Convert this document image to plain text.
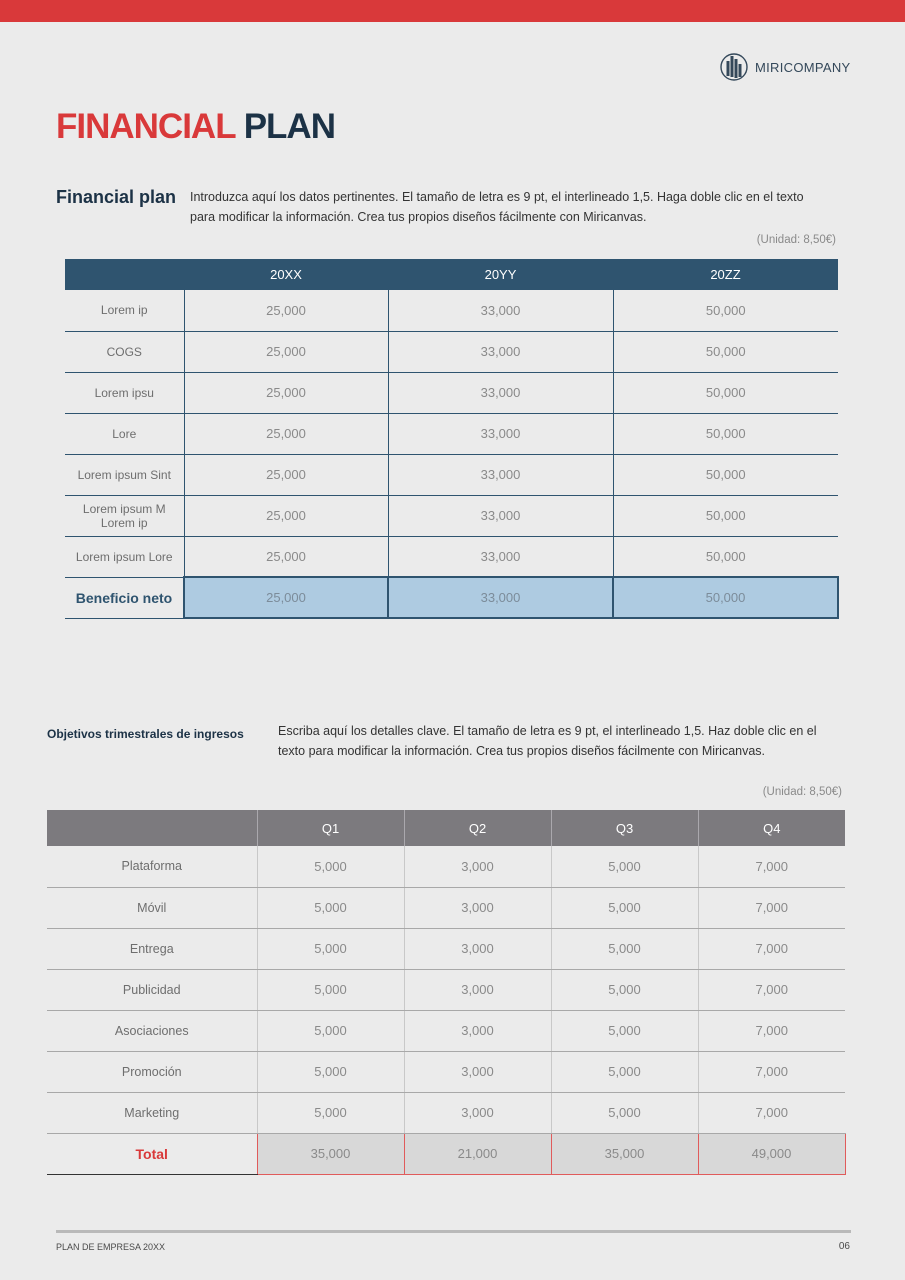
MIRICOMPANY
FINANCIAL PLAN
Financial plan Introduzca aquí los datos pertinentes. El tamaño de letra es 9 pt, el interlineado 1,5. Haga doble clic en el texto para modificar la información. Crea tus propios diseños fácilmente con Miricanvas.

(Unidad: 8,50€)
	20XX	20YY	20ZZ
Lorem ip	25,000	33,000	50,000
COGS	25,000	33,000	50,000
Lorem ipsu	25,000	33,000	50,000
Lore	25,000	33,000	50,000
Lorem ipsum Sint	25,000	33,000	50,000
Lorem ipsum M Lorem ip	25,000	33,000	50,000
Lorem ipsum Lore	25,000	33,000	50,000
Beneficio neto	25,000	33,000	50,000
Objetivos trimestrales de ingresos	Escriba aquí los detalles clave. El tamaño de letra es 9 pt, el interlineado 1,5. Haz doble clic en el texto para modificar la información. Crea tus propios diseños fácilmente con Miricanvas.

(Unidad: 8,50€)
	Q1	Q2	Q3	Q4
Plataforma	5,000	3,000	5,000	7,000
Móvil	5,000	3,000	5,000	7,000
Entrega	5,000	3,000	5,000	7,000
Publicidad	5,000	3,000	5,000	7,000
Asociaciones	5,000	3,000	5,000	7,000
Promoción	5,000	3,000	5,000	7,000
Marketing	5,000	3,000	5,000	7,000
Total	35,000	21,000	35,000	49,000
PLAN DE EMPRESA 20XX	06
